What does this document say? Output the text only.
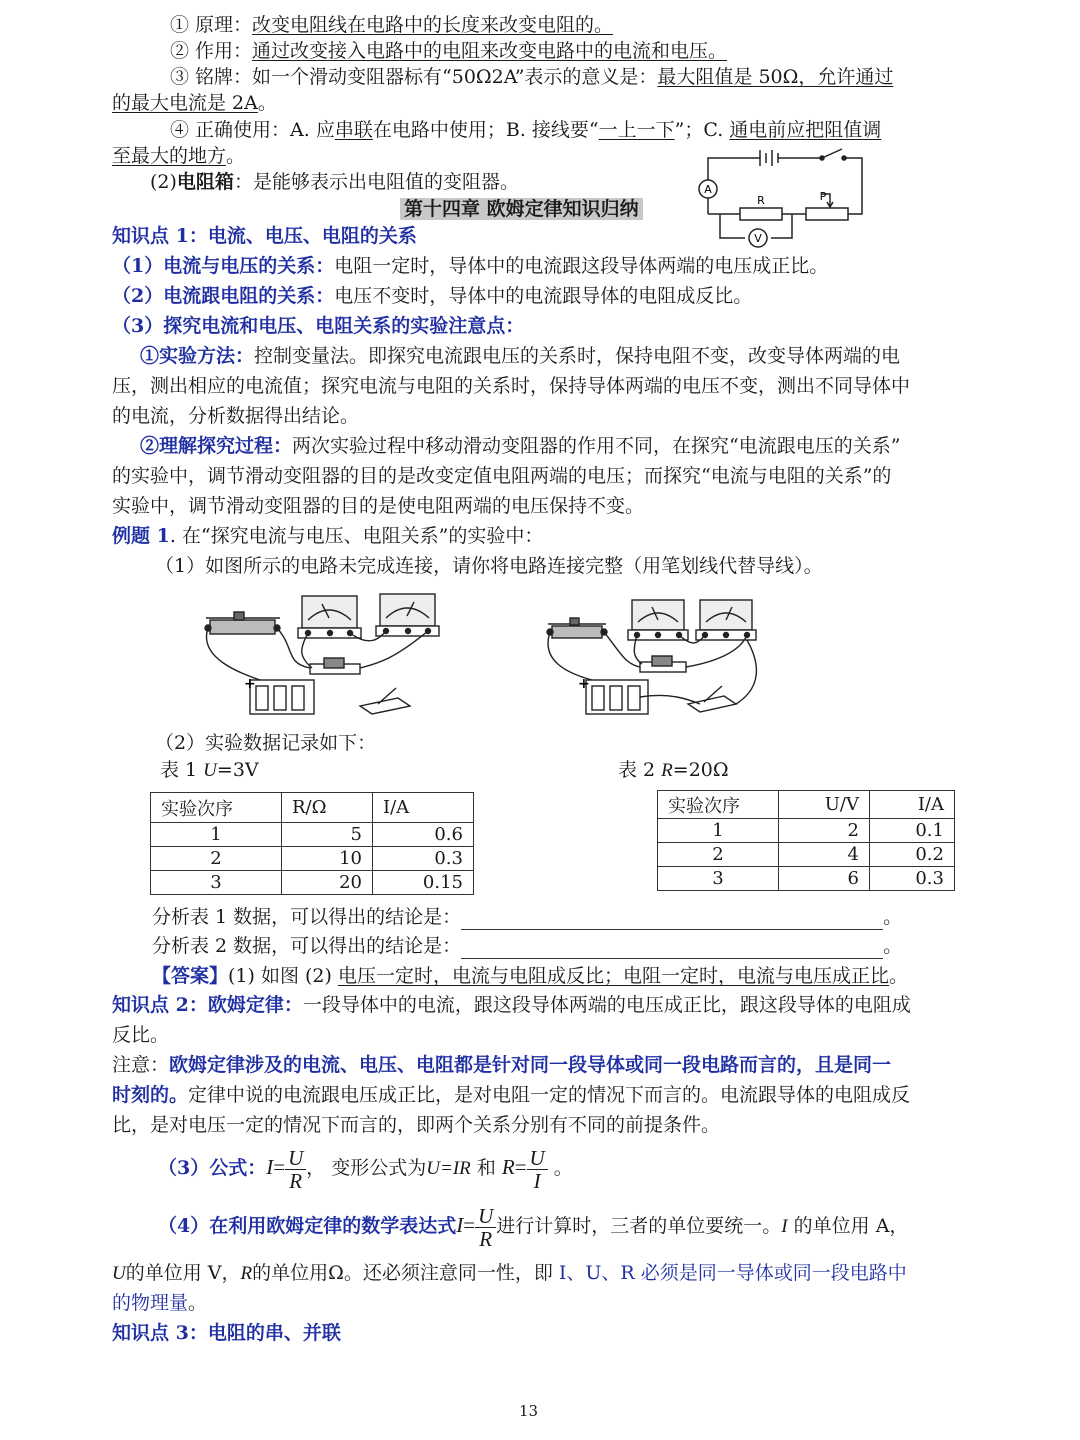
① 原理：改变电阻线在电路中的长度来改变电阻的。
② 作用：通过改变接入电路中的电阻来改变电路中的电流和电压。
③ 铭牌：如一个滑动变阻器标有“50Ω2A”表示的意义是：最大阻值是 50Ω，允许通过
的最大电流是 2A。
④ 正确使用：A. 应串联在电路中使用；B. 接线要“一上一下”；C. 通电前应把阻值调
至最大的地方。
(2)电阻箱：是能够表示出电阻值的变阻器。	A
R	P
V
第十四章 欧姆定律知识归纳
知识点 1：电流、电压、电阻的关系
（1）电流与电压的关系：电阻一定时，导体中的电流跟这段导体两端的电压成正比。
（2）电流跟电阻的关系：电压不变时，导体中的电流跟导体的电阻成反比。
（3）探究电流和电压、电阻关系的实验注意点：
①实验方法：控制变量法。即探究电流跟电压的关系时，保持电阻不变，改变导体两端的电
压，测出相应的电流值；探究电流与电阻的关系时，保持导体两端的电压不变，测出不同导体中
的电流，分析数据得出结论。
②理解探究过程：两次实验过程中移动滑动变阻器的作用不同，在探究“电流跟电压的关系”
的实验中，调节滑动变阻器的目的是改变定值电阻两端的电压；而探究“电流与电阻的关系”的
实验中，调节滑动变阻器的目的是使电阻两端的电压保持不变。
例题 1. 在“探究电流与电压、电阻关系”的实验中：
（1）如图所示的电路未完成连接，请你将电路连接完整（用笔划线代替导线）。
+	+
（2）实验数据记录如下：
表 1 U=3V	表 2 R=20Ω
实验次序	R/Ω	I/A
1	5	0.6
2	10	0.3
3	20	0.15
实验次序	U/V	I/A
1	2	0.1
2	4	0.2
3	6	0.3
分析表 1 数据，可以得出的结论是：	。
分析表 2 数据，可以得出的结论是：	。
【答案】(1) 如图 (2) 电压一定时，电流与电阻成反比；电阻一定时，电流与电压成正比。
知识点 2：欧姆定律：一段导体中的电流，跟这段导体两端的电压成正比，跟这段导体的电阻成
反比。
注意：欧姆定律涉及的电流、电压、电阻都是针对同一段导体或同一段电路而言的，且是同一
时刻的。定律中说的电流跟电压成正比，是对电阻一定的情况下而言的。电流跟导体的电阻成反
比，是对电压一定的情况下而言的，即两个关系分别有不同的前提条件。
（3）公式：$I= \frac{U}{R}$ ， 变形公式为U=IR 和 $R= \frac{U}{I}$ 。
（4）在利用欧姆定律的数学表达式$I= \frac{U}{R}$ 进行计算时，三者的单位要统一。I 的单位用 A，
U的单位用 V，R的单位用Ω。还必须注意同一性，即 I、U、R 必须是同一导体或同一段电路中
的物理量。
知识点 3：电阻的串、并联
13
